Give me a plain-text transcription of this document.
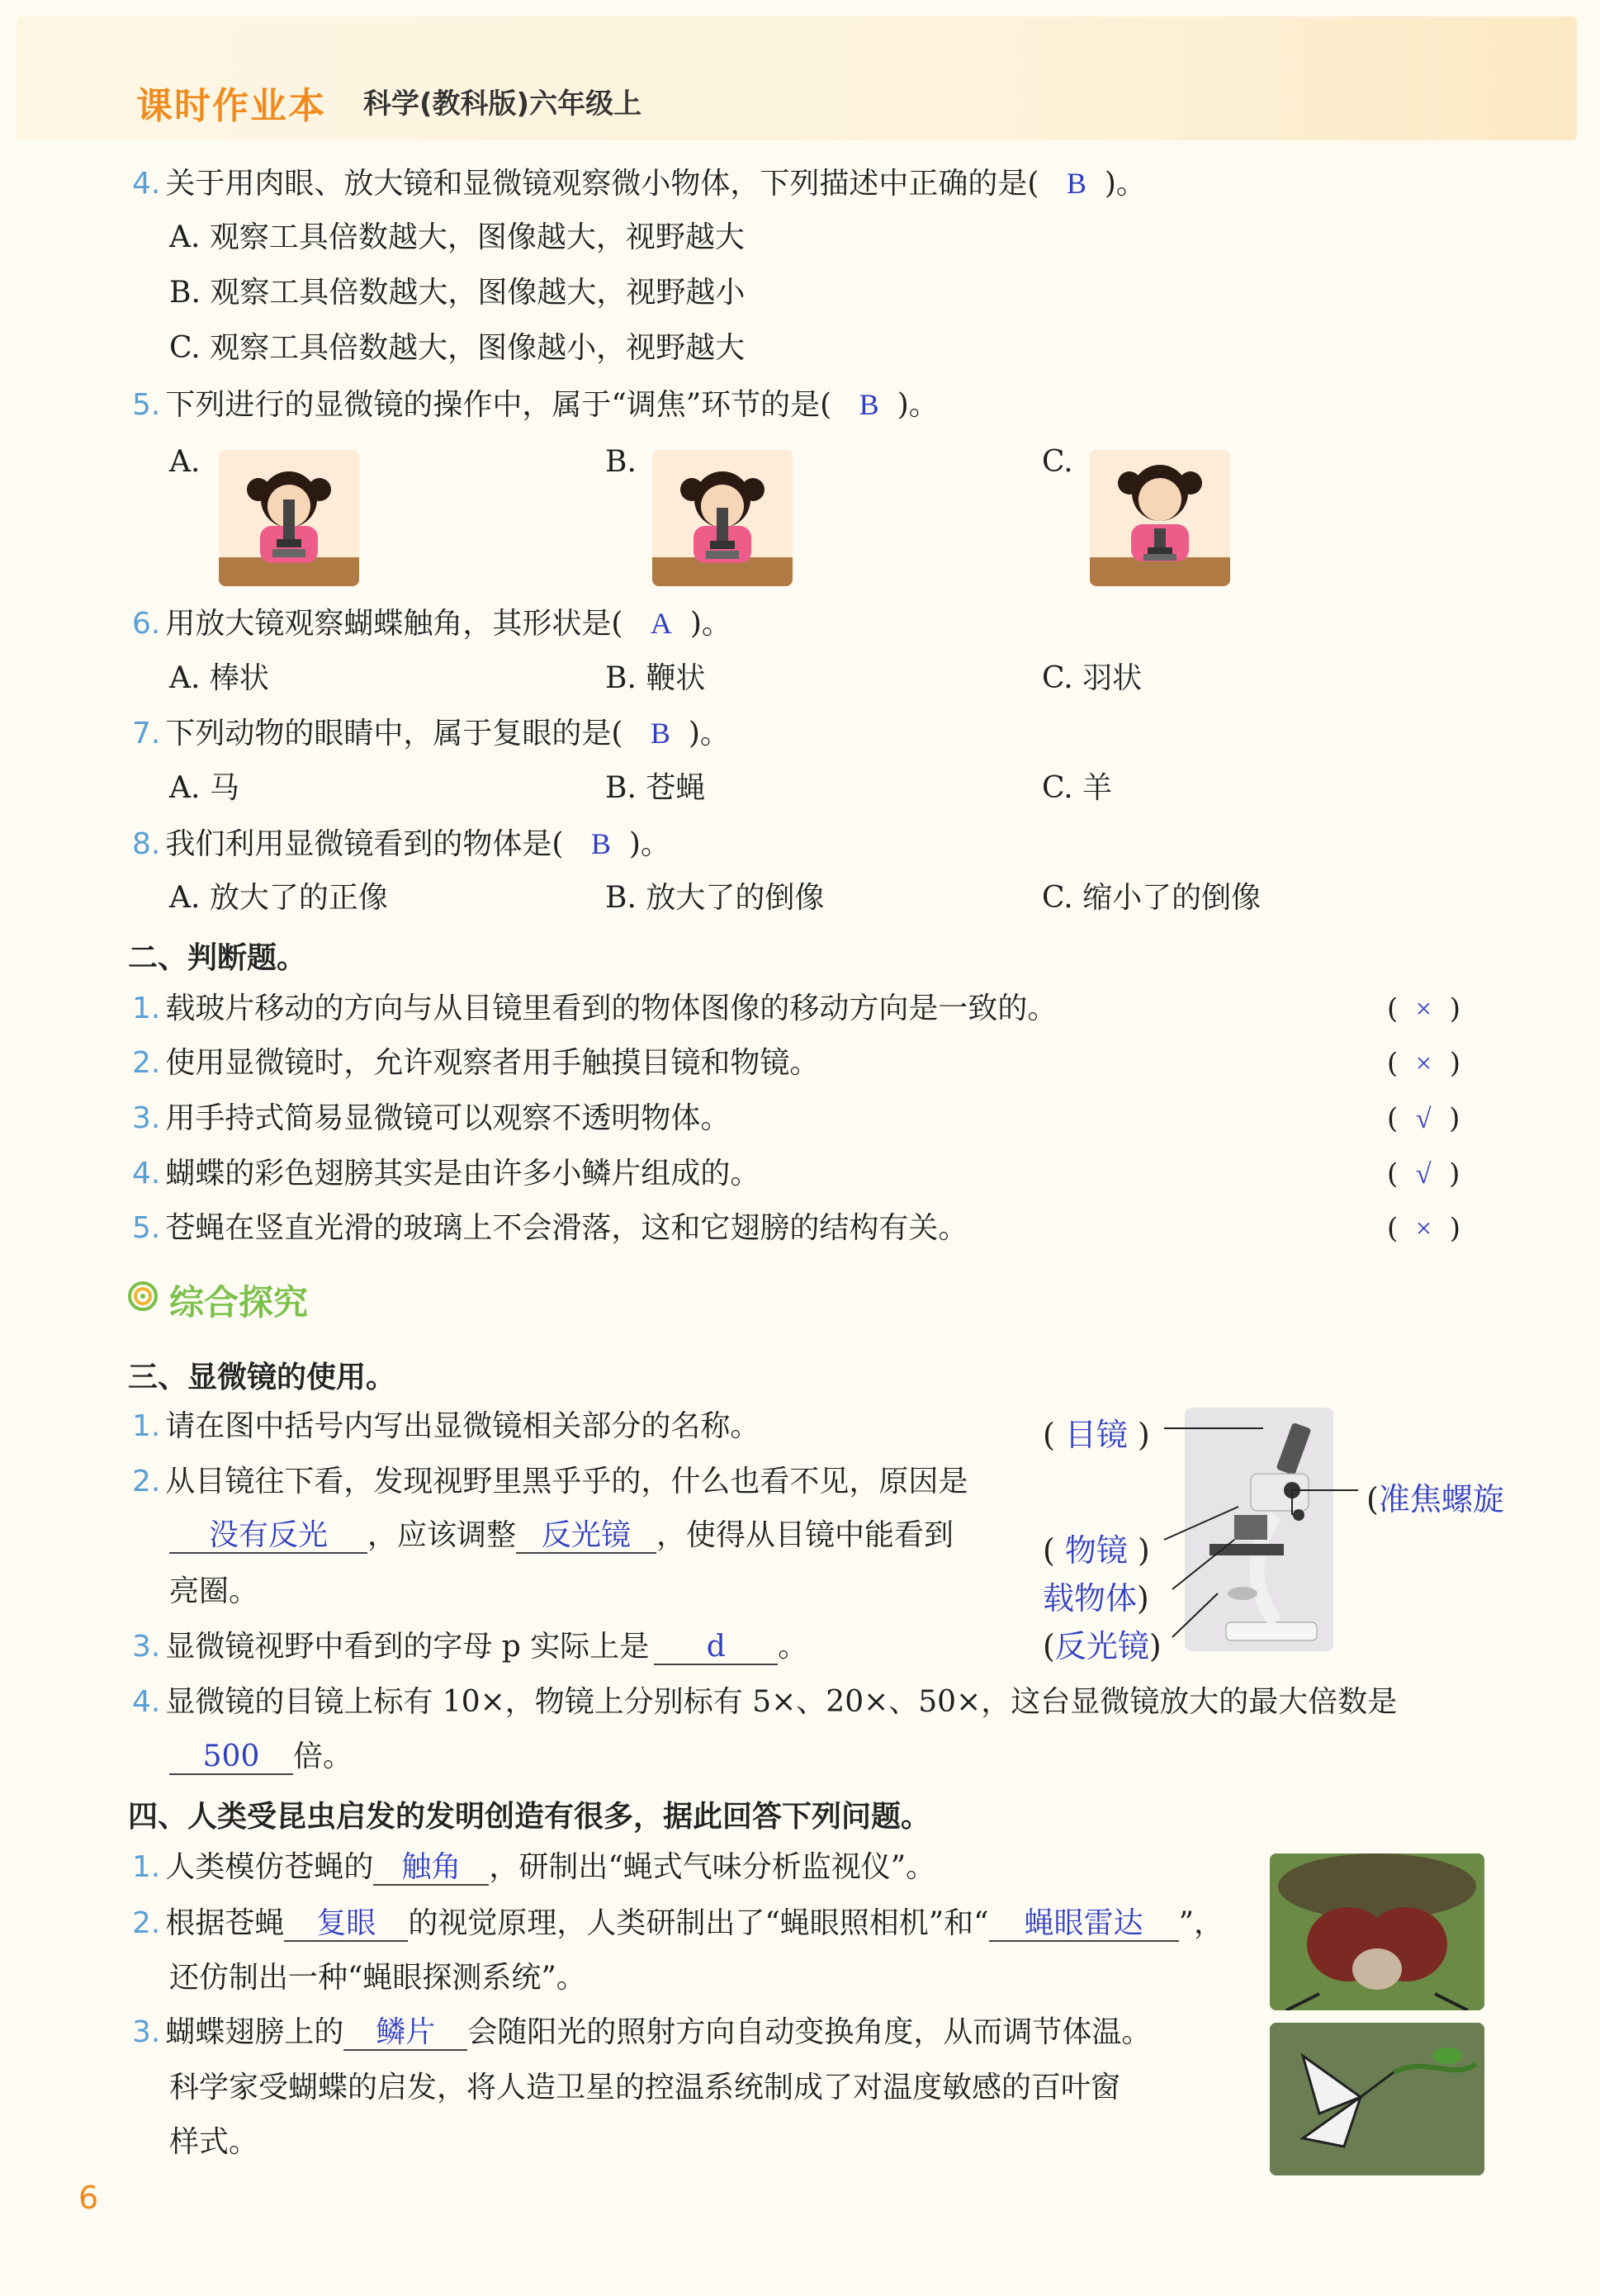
课时作业本 科学(教科版)六年级上
4. 关于用肉眼、放大镜和显微镜观察微小物体，下列描述中正确的是( B )。
A. 观察工具倍数越大，图像越大，视野越大
B. 观察工具倍数越大，图像越大，视野越小
C. 观察工具倍数越大，图像越小，视野越大
5. 下列进行的显微镜的操作中，属于“调焦”环节的是( B )。
A.	B.	C.
6. 用放大镜观察蝴蝶触角，其形状是( A )。
A. 棒状	B. 鞭状	C. 羽状
7. 下列动物的眼睛中，属于复眼的是( B )。
A. 马	B. 苍蝇	C. 羊
8. 我们利用显微镜看到的物体是( B )。
A. 放大了的正像	B. 放大了的倒像	C. 缩小了的倒像
二、判断题。
1. 载玻片移动的方向与从目镜里看到的物体图像的移动方向是一致的。	(  ×  )
2. 使用显微镜时，允许观察者用手触摸目镜和物镜。	(  ×  )
3. 用手持式简易显微镜可以观察不透明物体。	(  √  )
4. 蝴蝶的彩色翅膀其实是由许多小鳞片组成的。	(  √  )
5. 苍蝇在竖直光滑的玻璃上不会滑落，这和它翅膀的结构有关。	(  ×  )
综合探究
三、显微镜的使用。
1. 请在图中括号内写出显微镜相关部分的名称。
2. 从目镜往下看，发现视野里黑乎乎的，什么也看不见，原因是
没有反光 ，应该调整 反光镜 ，使得从目镜中能看到
亮圈。
3. 显微镜视野中看到的字母 p 实际上是 d 。
4. 显微镜的目镜上标有 10×，物镜上分别标有 5×、20×、50×，这台显微镜放大的最大倍数是
500 倍。
( 目镜 )
( 物镜 )
载物体)
(反光镜)
(准焦螺旋
四、人类受昆虫启发的发明创造有很多，据此回答下列问题。
1. 人类模仿苍蝇的 触角 ，研制出“蝇式气味分析监视仪”。
2. 根据苍蝇 复眼 的视觉原理，人类研制出了“蝇眼照相机”和“ 蝇眼雷达 ”，
还仿制出一种“蝇眼探测系统”。
3. 蝴蝶翅膀上的 鳞片 会随阳光的照射方向自动变换角度，从而调节体温。
科学家受蝴蝶的启发，将人造卫星的控温系统制成了对温度敏感的百叶窗
样式。
6
